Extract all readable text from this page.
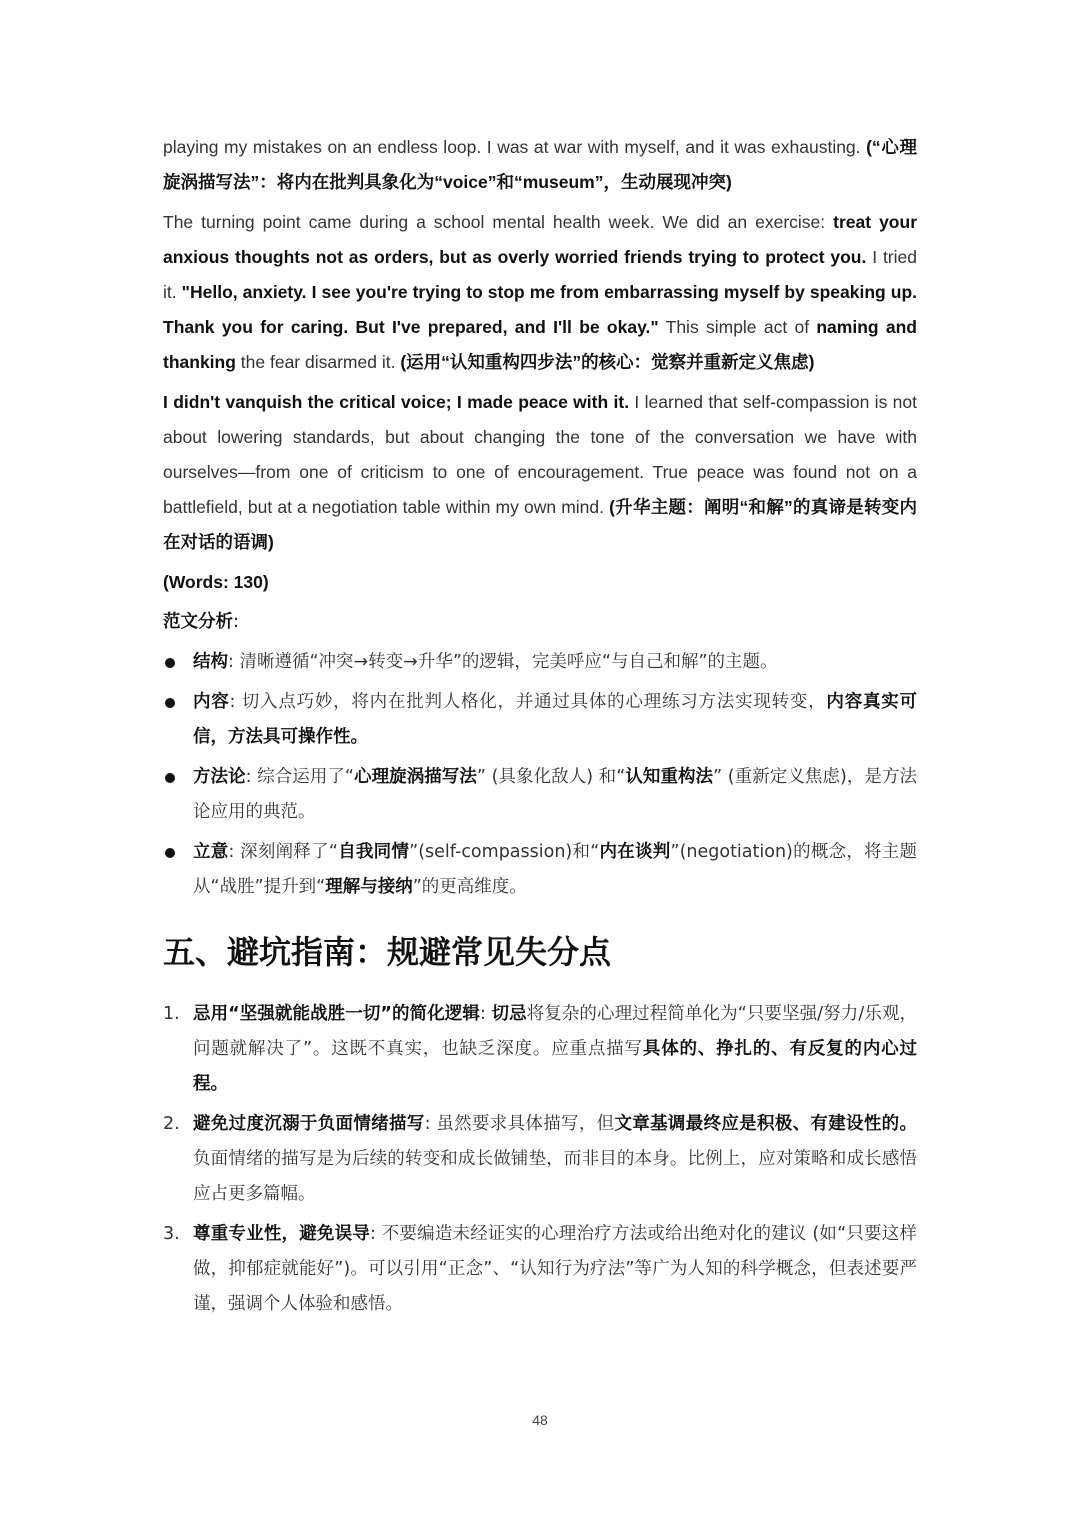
playing my mistakes on an endless loop. I was at war with myself, and it was exhausting. (“心理旋涡描写法”：将内在批判具象化为“voice”和“museum”，生动展现冲突)

The turning point came during a school mental health week. We did an exercise: treat your anxious thoughts not as orders, but as overly worried friends trying to protect you. I tried it. "Hello, anxiety. I see you're trying to stop me from embarrassing myself by speaking up. Thank you for caring. But I've prepared, and I'll be okay." This simple act of naming and thanking the fear disarmed it. (运用“认知重构四步法”的核心：觉察并重新定义焦虑)

I didn't vanquish the critical voice; I made peace with it. I learned that self-compassion is not about lowering standards, but about changing the tone of the conversation we have with ourselves—from one of criticism to one of encouragement. True peace was found not on a battlefield, but at a negotiation table within my own mind. (升华主题：阐明“和解”的真谛是转变内在对话的语调)

(Words: 130)

范文分析:

结构: 清晰遵循“冲突→转变→升华”的逻辑，完美呼应“与自己和解”的主题。
内容: 切入点巧妙，将内在批判人格化，并通过具体的心理练习方法实现转变，内容真实可信，方法具可操作性。
方法论: 综合运用了“心理旋涡描写法” (具象化敌人) 和“认知重构法” (重新定义焦虑)，是方法论应用的典范。
立意: 深刻阐释了“自我同情”(self-compassion)和“内在谈判”(negotiation)的概念，将主题从“战胜”提升到“理解与接纳”的更高维度。
五、避坑指南：规避常见失分点
1. 忌用“坚强就能战胜一切”的简化逻辑: 切忌将复杂的心理过程简单化为“只要坚强/努力/乐观，问题就解决了”。这既不真实，也缺乏深度。应重点描写具体的、挣扎的、有反复的内心过程。
2. 避免过度沉溺于负面情绪描写: 虽然要求具体描写，但文章基调最终应是积极、有建设性的。负面情绪的描写是为后续的转变和成长做铺垫，而非目的本身。比例上，应对策略和成长感悟应占更多篇幅。
3. 尊重专业性，避免误导: 不要编造未经证实的心理治疗方法或给出绝对化的建议 (如“只要这样做，抑郁症就能好”)。可以引用“正念”、“认知行为疗法”等广为人知的科学概念，但表述要严谨，强调个人体验和感悟。
48
